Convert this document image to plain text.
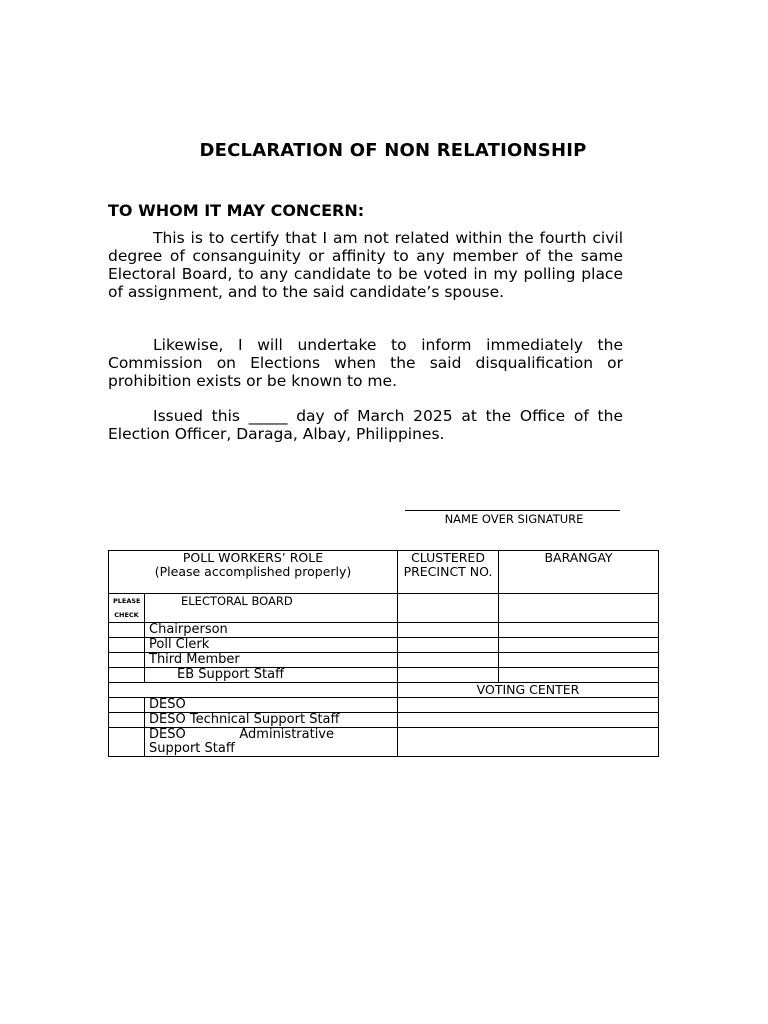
DECLARATION OF NON RELATIONSHIP
TO WHOM IT MAY CONCERN:

This is to certify that I am not related within the fourth civil degree of consanguinity or affinity to any member of the same Electoral Board, to any candidate to be voted in my polling place of assignment, and to the said candidate’s spouse.

Likewise, I will undertake to inform immediately the Commission on Elections when the said disqualification or prohibition exists or be known to me.

Issued this _____ day of March 2025 at the Office of the Election Officer, Daraga, Albay, Philippines.

NAME OVER SIGNATURE
POLL WORKERS’ ROLE
(Please accomplished properly)		CLUSTERED PRECINCT NO.	BARANGAY
PLEASE CHECK	ELECTORAL BOARD		
	Chairperson		
	Poll Clerk		
	Third Member		
	EB Support Staff		
		VOTING CENTER	
	DESO		
	DESO Technical Support Staff		

	DESO Administrative
Support Staff		
